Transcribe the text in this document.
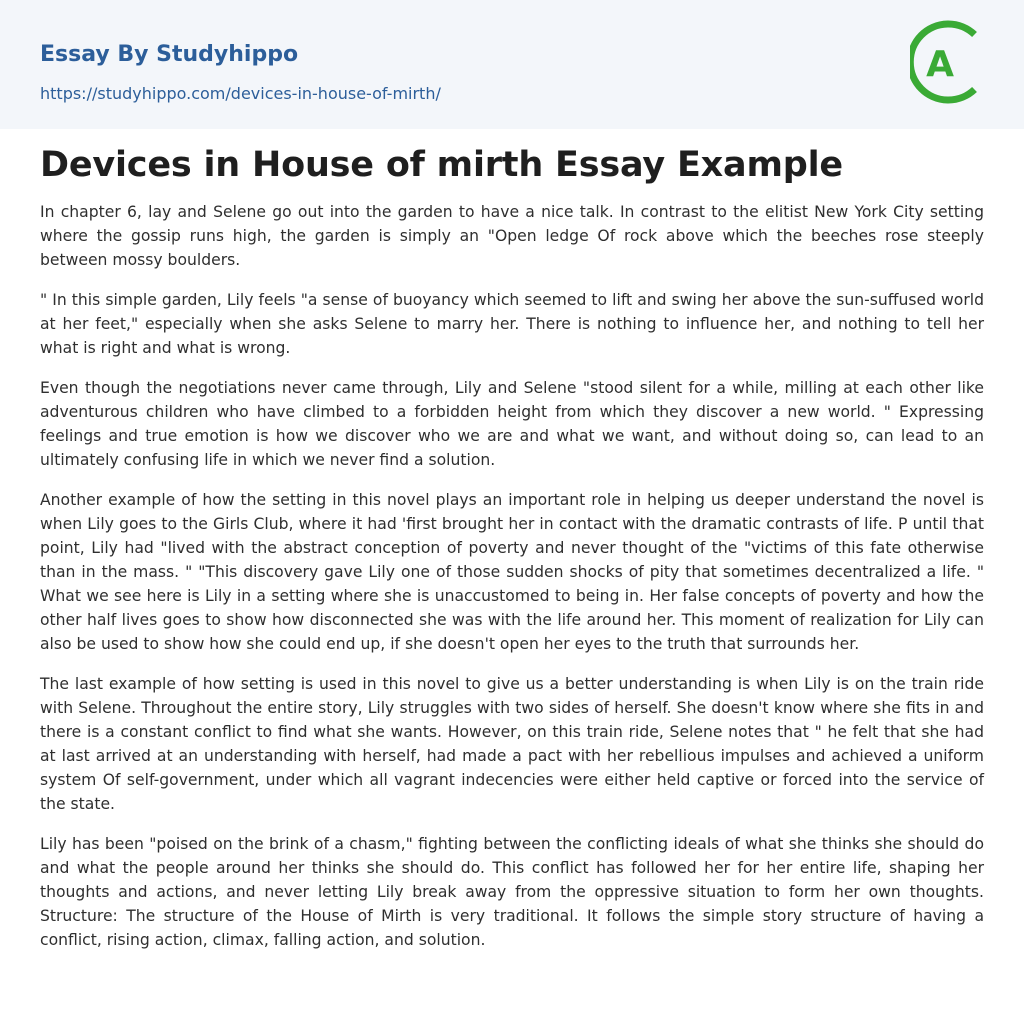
Essay By Studyhippo
https://studyhippo.com/devices-in-house-of-mirth/
A
Devices in House of mirth Essay Example

In chapter 6, lay and Selene go out into the garden to have a nice talk. In contrast to the elitist New York City setting where the gossip runs high, the garden is simply an "Open ledge Of rock above which the beeches rose steeply between mossy boulders.

" In this simple garden, Lily feels "a sense of buoyancy which seemed to lift and swing her above the sun-suffused world at her feet," especially when she asks Selene to marry her. There is nothing to influence her, and nothing to tell her what is right and what is wrong.

Even though the negotiations never came through, Lily and Selene "stood silent for a while, milling at each other like adventurous children who have climbed to a forbidden height from which they discover a new world. " Expressing feelings and true emotion is how we discover who we are and what we want, and without doing so, can lead to an ultimately confusing life in which we never find a solution.

Another example of how the setting in this novel plays an important role in helping us deeper understand the novel is when Lily goes to the Girls Club, where it had 'first brought her in contact with the dramatic contrasts of life. P until that point, Lily had "lived with the abstract conception of poverty and never thought of the "victims of this fate otherwise than in the mass. " "This discovery gave Lily one of those sudden shocks of pity that sometimes decentralized a life. " What we see here is Lily in a setting where she is unaccustomed to being in. Her false concepts of poverty and how the other half lives goes to show how disconnected she was with the life around her. This moment of realization for Lily can also be used to show how she could end up, if she doesn't open her eyes to the truth that surrounds her.

The last example of how setting is used in this novel to give us a better understanding is when Lily is on the train ride with Selene. Throughout the entire story, Lily struggles with two sides of herself. She doesn't know where she fits in and there is a constant conflict to find what she wants. However, on this train ride, Selene notes that " he felt that she had at last arrived at an understanding with herself, had made a pact with her rebellious impulses and achieved a uniform system Of self-government, under which all vagrant indecencies were either held captive or forced into the service of the state.

Lily has been "poised on the brink of a chasm," fighting between the conflicting ideals of what she thinks she should do and what the people around her thinks she should do. This conflict has followed her for her entire life, shaping her thoughts and actions, and never letting Lily break away from the oppressive situation to form her own thoughts. Structure: The structure of the House of Mirth is very traditional. It follows the simple story structure of having a conflict, rising action, climax, falling action, and solution.
